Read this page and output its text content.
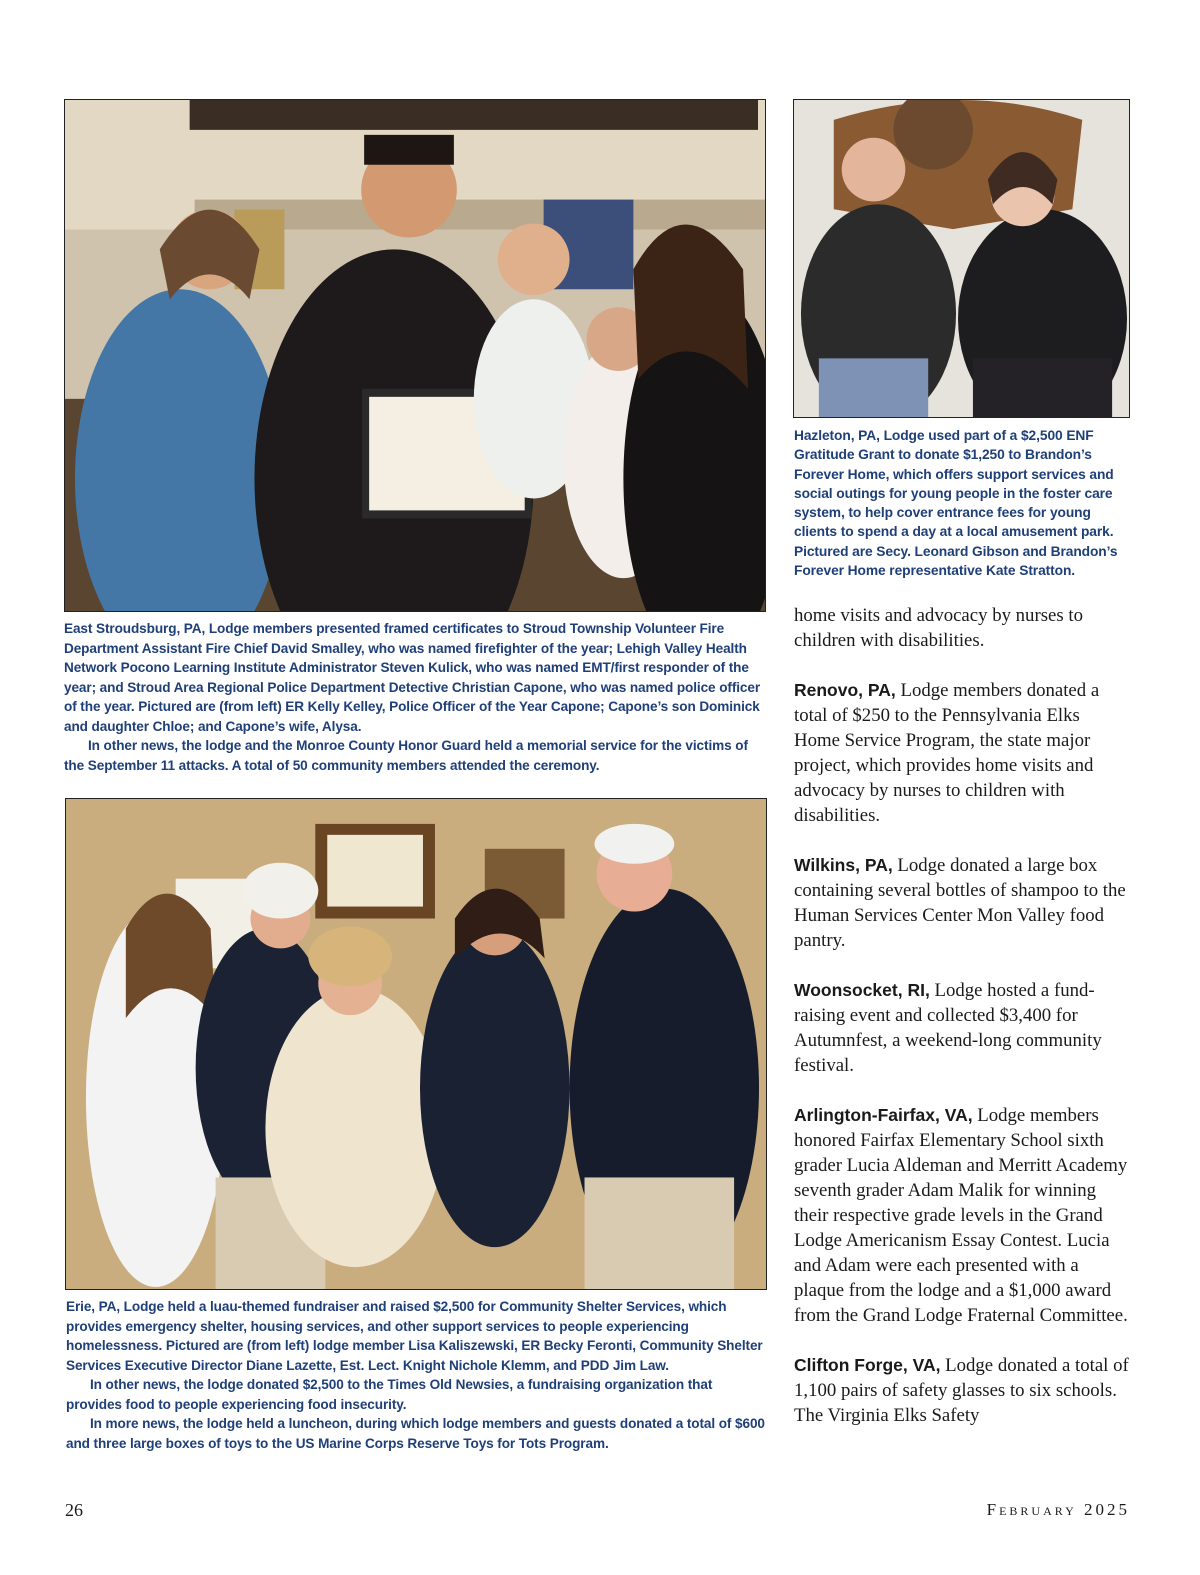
Hazleton, PA, Lodge used part of a $2,500 ENF Gratitude Grant to donate $1,250 to Brandon’s Forever Home, which offers support services and social outings for young people in the foster care system, to help cover entrance fees for young clients to spend a day at a local amusement park. Pictured are Secy. Leonard Gibson and Brandon’s Forever Home representative Kate Stratton.

East Stroudsburg, PA, Lodge members presented framed certificates to Stroud Township Volunteer Fire Department Assistant Fire Chief David Smalley, who was named firefighter of the year; Lehigh Valley Health Network Pocono Learning Institute Administrator Steven Kulick, who was named EMT/first responder of the year; and Stroud Area Regional Police Department Detective Christian Capone, who was named police officer of the year. Pictured are (from left) ER Kelly Kelley, Police Officer of the Year Capone; Capone’s son Dominick and daughter Chloe; and Capone’s wife, Alysa.

In other news, the lodge and the Monroe County Honor Guard held a memorial service for the victims of the September 11 attacks. A total of 50 community members attended the ceremony.

Erie, PA, Lodge held a luau-themed fundraiser and raised $2,500 for Community Shelter Services, which provides emergency shelter, housing services, and other support services to people experiencing homelessness. Pictured are (from left) lodge member Lisa Kaliszewski, ER Becky Feronti, Community Shelter Services Executive Director Diane Lazette, Est. Lect. Knight Nichole Klemm, and PDD Jim Law.

In other news, the lodge donated $2,500 to the Times Old Newsies, a fundraising organization that provides food to people experiencing food insecurity.

In more news, the lodge held a luncheon, during which lodge members and guests donated a total of $600 and three large boxes of toys to the US Marine Corps Reserve Toys for Tots Program.

home visits and advocacy by nurses to children with disabilities.

Renovo, PA, Lodge members donated a total of $250 to the Pennsylvania Elks Home Service Program, the state major project, which provides home visits and advocacy by nurses to children with disabilities.

Wilkins, PA, Lodge donated a large box containing several bottles of shampoo to the Human Services Center Mon Valley food pantry.

Woonsocket, RI, Lodge hosted a fund-raising event and collected $3,400 for Autumnfest, a weekend-long community festival.

Arlington-Fairfax, VA, Lodge members honored Fairfax Elementary School sixth grader Lucia Aldeman and Merritt Academy seventh grader Adam Malik for winning their respective grade levels in the Grand Lodge Americanism Essay Contest. Lucia and Adam were each presented with a plaque from the lodge and a $1,000 award from the Grand Lodge Fraternal Committee.

Clifton Forge, VA, Lodge donated a total of 1,100 pairs of safety glasses to six schools. The Virginia Elks Safety

26	February 2025
